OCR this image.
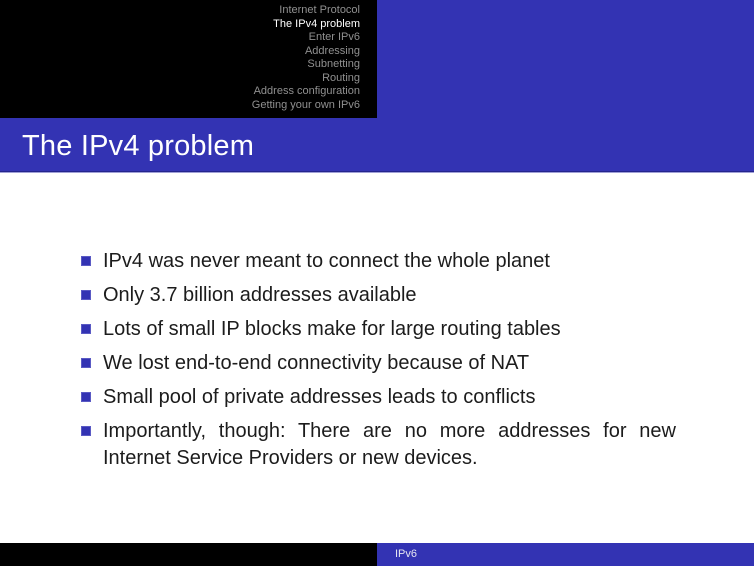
Internet Protocol
The IPv4 problem
Enter IPv6
Addressing
Subnetting
Routing
Address configuration
Getting your own IPv6
The IPv4 problem
IPv4 was never meant to connect the whole planet
Only 3.7 billion addresses available
Lots of small IP blocks make for large routing tables
We lost end-to-end connectivity because of NAT
Small pool of private addresses leads to conflicts
Importantly, though: There are no more addresses for new Internet Service Providers or new devices.
IPv6
